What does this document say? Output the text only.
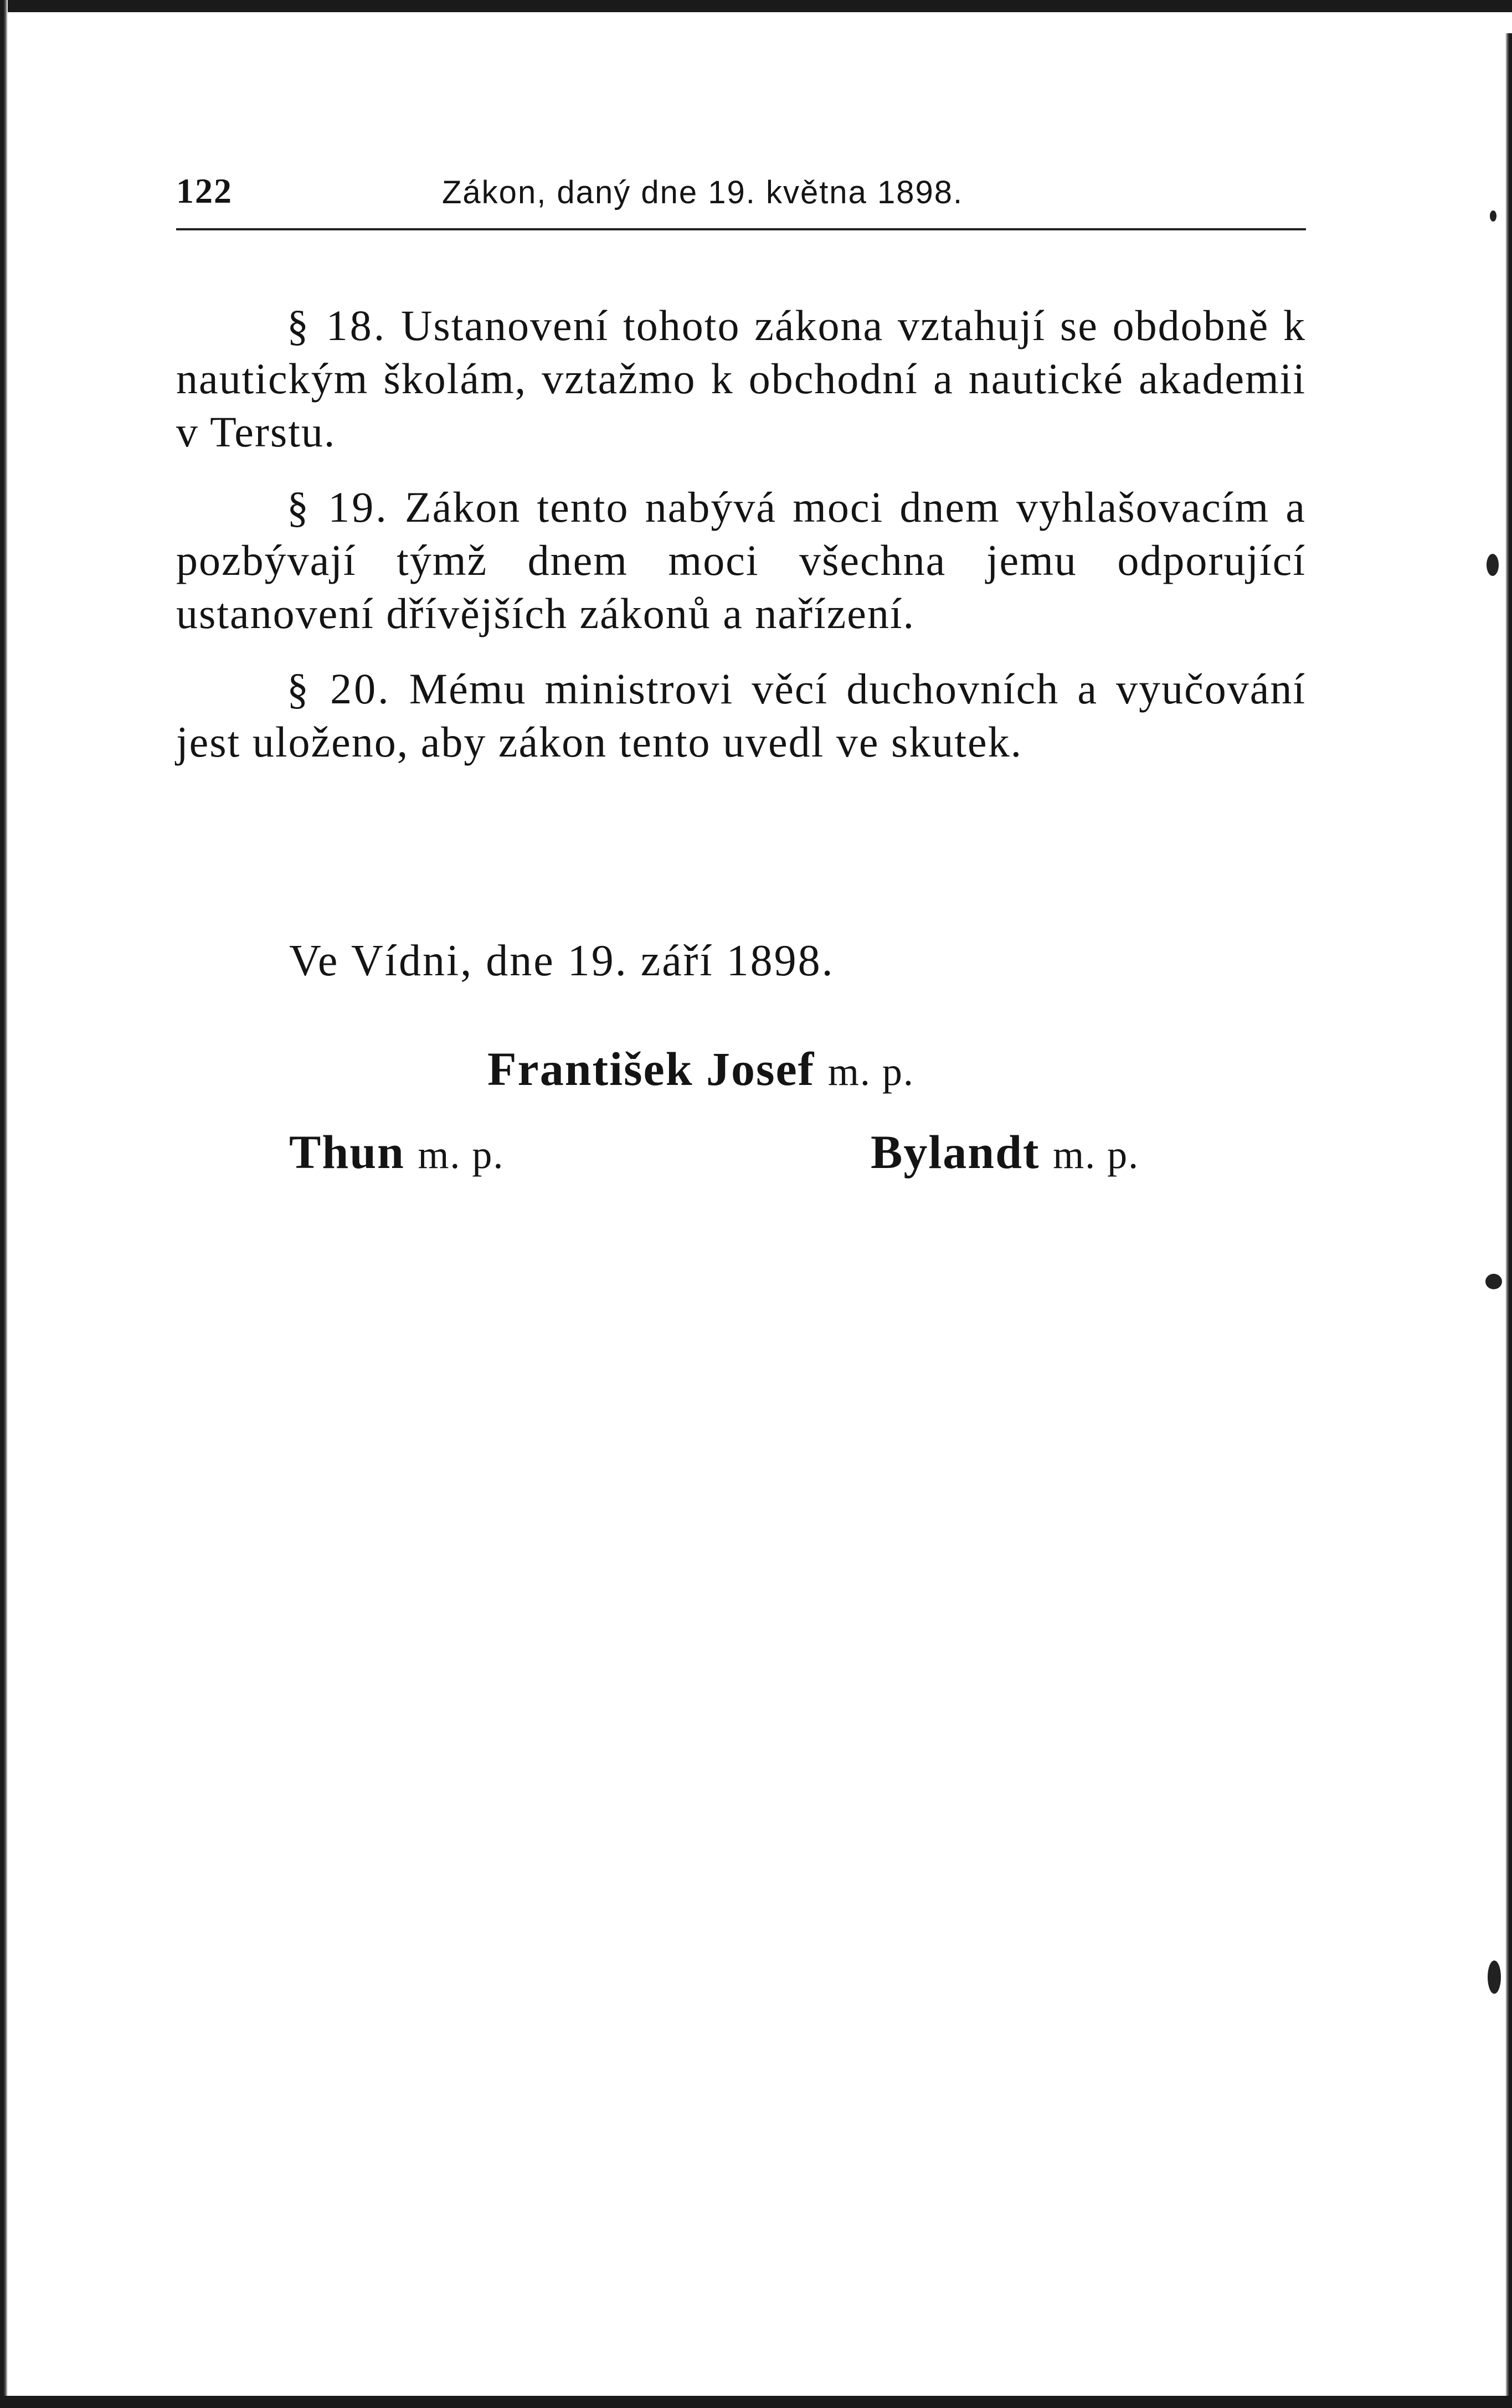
122	Zákon, daný dne 19. května 1898.

§ 18. Ustanovení tohoto zákona vztahují se obdobně k nautickým školám, vztažmo k obchodní a nautické akademii v Terstu.

§ 19. Zákon tento nabývá moci dnem vyhlašovacím a pozbývají týmž dnem moci všechna jemu odporující ustanovení dřívějších zákonů a nařízení.

§ 20. Mému ministrovi věcí duchovních a vyučování jest uloženo, aby zákon tento uvedl ve skutek.

Ve Vídni, dne 19. září 1898.
František Josef m. p.
Thun m. p.	Bylandt m. p.
